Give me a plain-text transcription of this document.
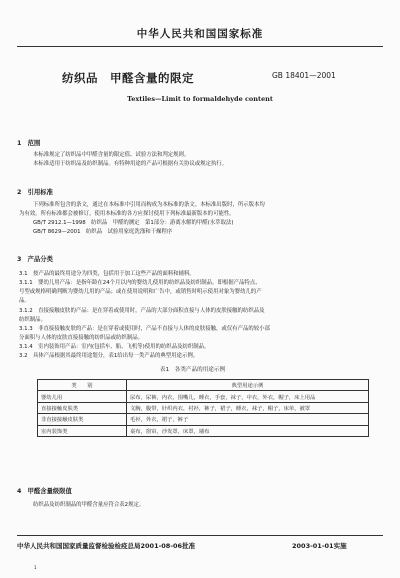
中华人民共和国国家标准
纺织品　甲醛含量的限定	GB 18401—2001
Textiles—Limit to formaldehyde content
1　范围
本标准规定了纺织品中甲醛含量的限定值、试验方法和判定规则。
本标准适用于纺织品及纺织制品。有特种用途的产品可根据有关协议或规定执行。
2　引用标准
下列标准所包含的条文，通过在本标准中引用而构成为本标准的条文。本标准出版时，所示版本均
为有效。所有标准都会被修订，使用本标准的各方应探讨使用下列标准最新版本的可能性。
GB/T 2912.1—1998　纺织品　甲醛的测定　第1部分：游离水解的甲醛(水萃取法)
GB/T 8629—2001　纺织品　试验用家庭洗涤和干燥程序
3　产品分类
3.1　按产品的最终用途分为四类，包括用于加工这些产品的面料和辅料。
3.1.1　婴幼儿用产品：是指年龄在24个月以内的婴幼儿使用的纺织品及纺织制品。即根据产品特点、
号型或规格明确判断为婴幼儿用的产品；或在使用说明和广告中，或销售时明示使用对象为婴幼儿的产
品。
3.1.2　直接接触皮肤的产品：是在穿着或使用时，产品的大部分面积直接与人体的皮肤接触的纺织品及
纺织制品。
3.1.3　非直接接触皮肤的产品：是在穿着或使用时，产品不直接与人体的皮肤接触，或仅有产品的较小部
分面积与人体的皮肤直接接触的纺织品或纺织制品。
3.1.4　室内装饰用产品：室内(包括车、船、飞机等)使用的纺织品及纺织制品。
3.2　具体产品根据其最终用途划分，表1给出每一类产品的典型用途示例。
表1　各类产品的用途示例
类　　别	典型用途示例
婴幼儿用	尿布，尿裤，内衣，围嘴儿，睡衣，手套，袜子，中衣，外衣，帽子，床上用品
直接接触皮肤类	文胸，腹带，针织内衣，衬衫，裤子，裙子，睡衣，袜子，帽子，床单，被罩
非直接接触皮肤类	毛衫，外衣，裙子，裤子
室内装饰类	桌布，窗帘，沙发罩，床罩，墙布
4　甲醛含量级限值
纺织品及纺织制品的甲醛含量应符合表2规定。
中华人民共和国国家质量监督检验检疫总局2001-08-06批准	2003-01-01实施
1
